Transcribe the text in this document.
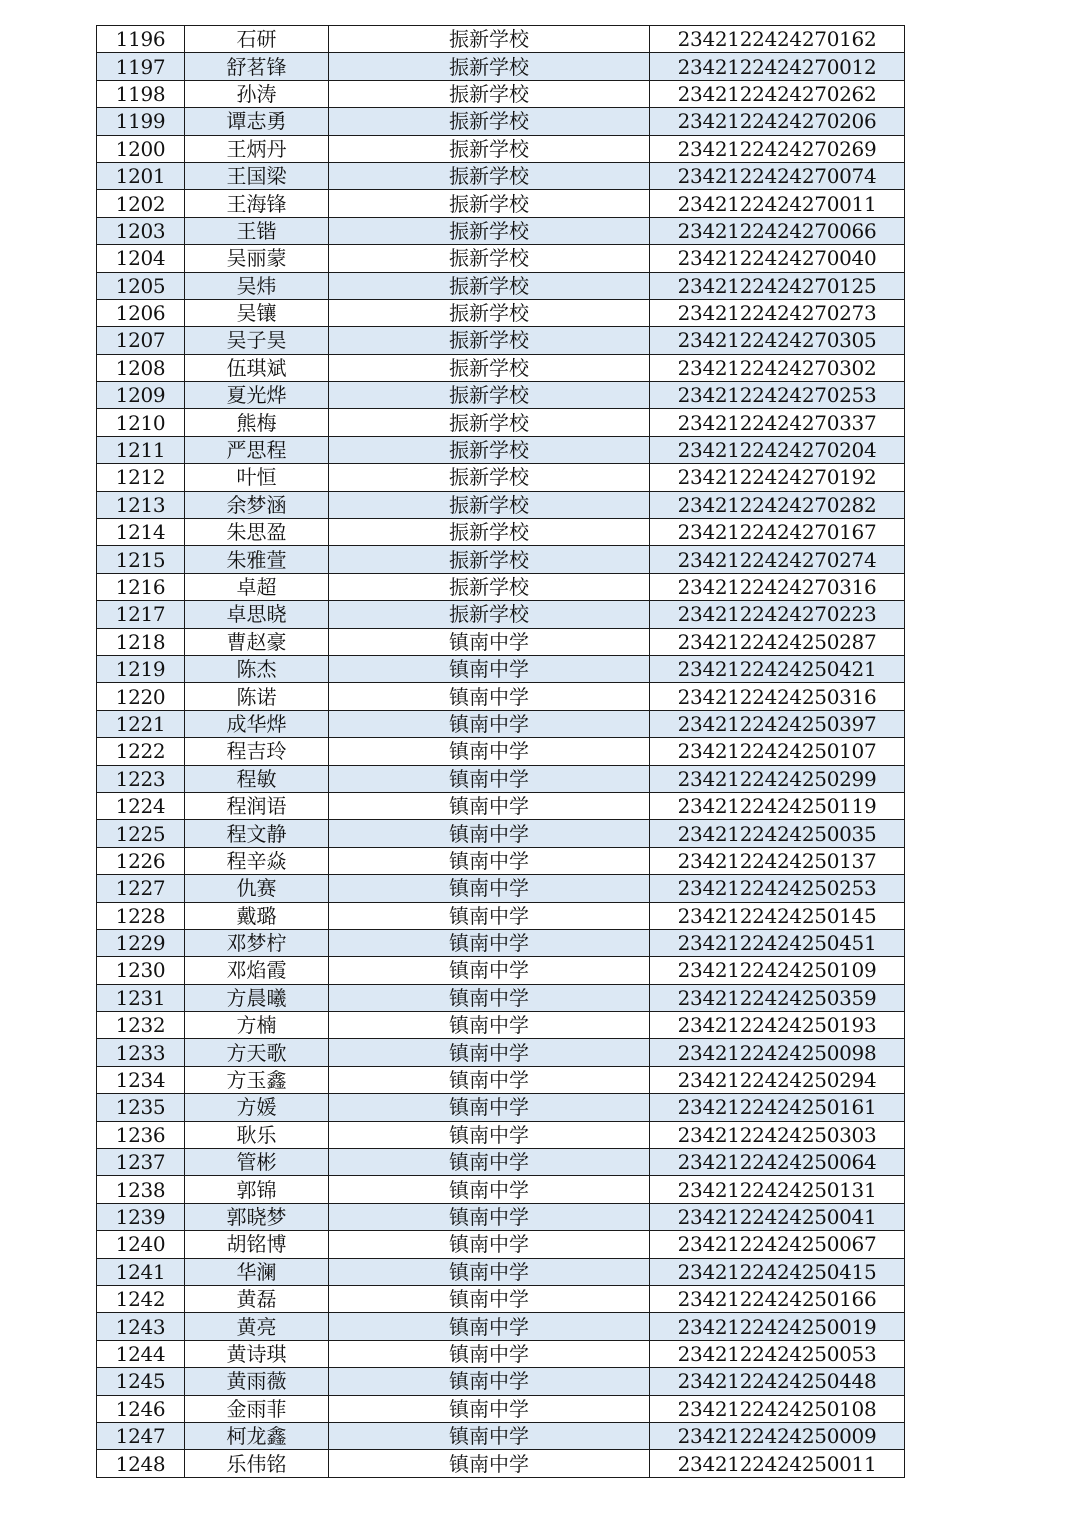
1196	石研	振新学校	2342122424270162
1197	舒茗锋	振新学校	2342122424270012
1198	孙涛	振新学校	2342122424270262
1199	谭志勇	振新学校	2342122424270206
1200	王炳丹	振新学校	2342122424270269
1201	王国梁	振新学校	2342122424270074
1202	王海锋	振新学校	2342122424270011
1203	王锴	振新学校	2342122424270066
1204	吴丽蒙	振新学校	2342122424270040
1205	吴炜	振新学校	2342122424270125
1206	吴镶	振新学校	2342122424270273
1207	吴子昊	振新学校	2342122424270305
1208	伍琪斌	振新学校	2342122424270302
1209	夏光烨	振新学校	2342122424270253
1210	熊梅	振新学校	2342122424270337
1211	严思程	振新学校	2342122424270204
1212	叶恒	振新学校	2342122424270192
1213	余梦涵	振新学校	2342122424270282
1214	朱思盈	振新学校	2342122424270167
1215	朱雅萱	振新学校	2342122424270274
1216	卓超	振新学校	2342122424270316
1217	卓思晓	振新学校	2342122424270223
1218	曹赵豪	镇南中学	2342122424250287
1219	陈杰	镇南中学	2342122424250421
1220	陈诺	镇南中学	2342122424250316
1221	成华烨	镇南中学	2342122424250397
1222	程吉玲	镇南中学	2342122424250107
1223	程敏	镇南中学	2342122424250299
1224	程润语	镇南中学	2342122424250119
1225	程文静	镇南中学	2342122424250035
1226	程辛焱	镇南中学	2342122424250137
1227	仇赛	镇南中学	2342122424250253
1228	戴璐	镇南中学	2342122424250145
1229	邓梦柠	镇南中学	2342122424250451
1230	邓焰霞	镇南中学	2342122424250109
1231	方晨曦	镇南中学	2342122424250359
1232	方楠	镇南中学	2342122424250193
1233	方天歌	镇南中学	2342122424250098
1234	方玉鑫	镇南中学	2342122424250294
1235	方媛	镇南中学	2342122424250161
1236	耿乐	镇南中学	2342122424250303
1237	管彬	镇南中学	2342122424250064
1238	郭锦	镇南中学	2342122424250131
1239	郭晓梦	镇南中学	2342122424250041
1240	胡铭博	镇南中学	2342122424250067
1241	华澜	镇南中学	2342122424250415
1242	黄磊	镇南中学	2342122424250166
1243	黄亮	镇南中学	2342122424250019
1244	黄诗琪	镇南中学	2342122424250053
1245	黄雨薇	镇南中学	2342122424250448
1246	金雨菲	镇南中学	2342122424250108
1247	柯龙鑫	镇南中学	2342122424250009
1248	乐伟铭	镇南中学	2342122424250011
